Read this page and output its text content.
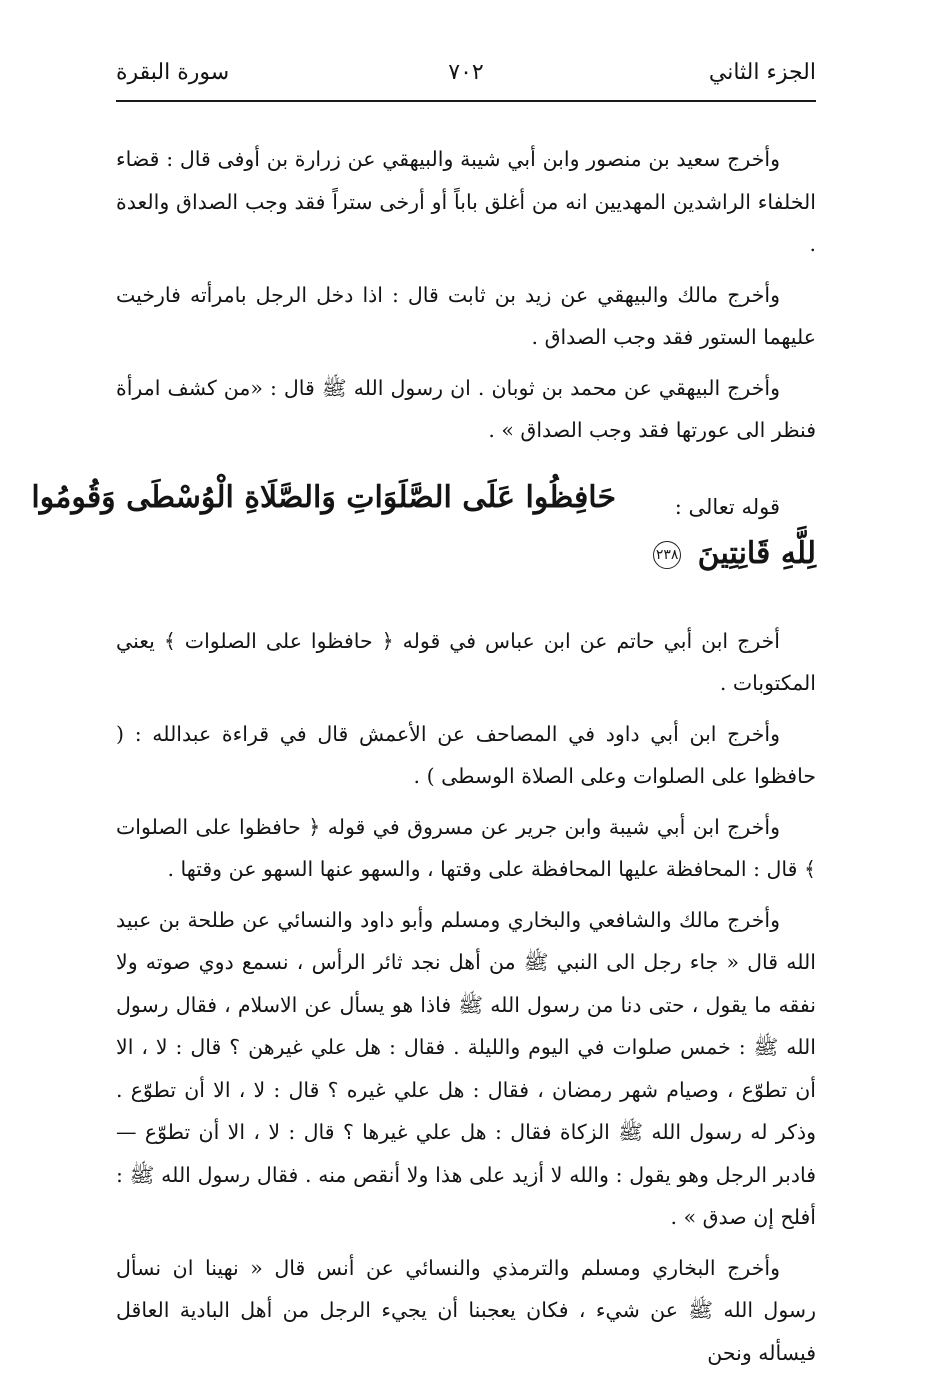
الجزء الثاني
٧٠٢
سورة البقرة

وأخرج سعيد بن منصور وابن أبي شيبة والبيهقي عن زرارة بن أوفى قال : قضاء الخلفاء الراشدين المهديين انه من أغلق باباً أو أرخى ستراً فقد وجب الصداق والعدة .

وأخرج مالك والبيهقي عن زيد بن ثابت قال : اذا دخل الرجل بامرأته فارخيت عليهما الستور فقد وجب الصداق .

وأخرج البيهقي عن محمد بن ثوبان . ان رسول الله ﷺ قال : «من كشف امرأة فنظر الى عورتها فقد وجب الصداق » .

قوله تعالى :
حَافِظُوا عَلَى الصَّلَوَاتِ وَالصَّلَاةِ الْوُسْطَى وَقُومُوا
لِلَّهِ قَانِتِينَ ٢٣٨

أخرج ابن أبي حاتم عن ابن عباس في قوله ﴿ حافظوا على الصلوات ﴾ يعني المكتوبات .

وأخرج ابن أبي داود في المصاحف عن الأعمش قال في قراءة عبدالله : ( حافظوا على الصلوات وعلى الصلاة الوسطى ) .

وأخرج ابن أبي شيبة وابن جرير عن مسروق في قوله ﴿ حافظوا على الصلوات ﴾ قال : المحافظة عليها المحافظة على وقتها ، والسهو عنها السهو عن وقتها .

وأخرج مالك والشافعي والبخاري ومسلم وأبو داود والنسائي عن طلحة بن عبيد الله قال « جاء رجل الى النبي ﷺ من أهل نجد ثائر الرأس ، نسمع دوي صوته ولا نفقه ما يقول ، حتى دنا من رسول الله ﷺ فاذا هو يسأل عن الاسلام ، فقال رسول الله ﷺ : خمس صلوات في اليوم والليلة . فقال : هل علي غيرهن ؟ قال : لا ، الا أن تطوّع ، وصيام شهر رمضان ، فقال : هل علي غيره ؟ قال : لا ، الا أن تطوّع . وذكر له رسول الله ﷺ الزكاة فقال : هل علي غيرها ؟ قال : لا ، الا أن تطوّع — فادبر الرجل وهو يقول : والله لا أزيد على هذا ولا أنقص منه . فقال رسول الله ﷺ : أفلح إن صدق » .

وأخرج البخاري ومسلم والترمذي والنسائي عن أنس قال « نهينا ان نسأل رسول الله ﷺ عن شيء ، فكان يعجبنا أن يجيء الرجل من أهل البادية العاقل فيسأله ونحن
